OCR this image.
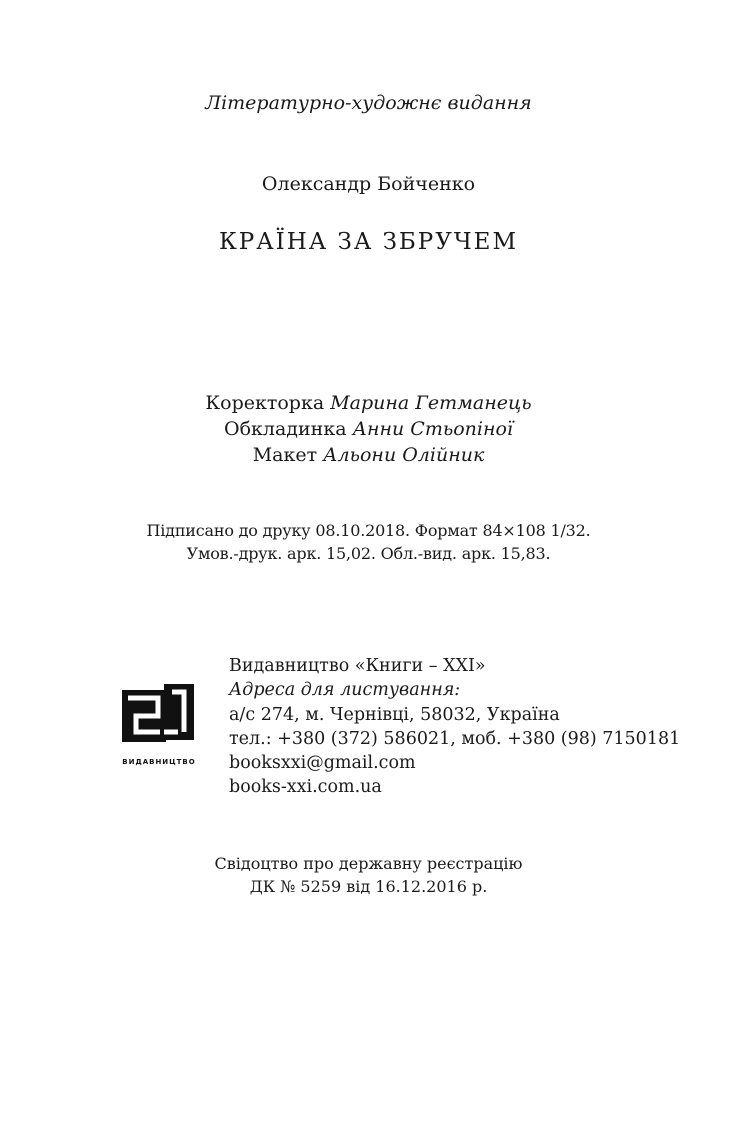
Літературно-художнє видання
Олександр Бойченко
КРАЇНА ЗА ЗБРУЧЕМ
Коректорка Марина Гетманець
Обкладинка Анни Стьопіної
Макет Альони Олійник
Підписано до друку 08.10.2018. Формат 84×108 1/32.
Умов.-друк. арк. 15,02. Обл.-вид. арк. 15,83.
ВИДАВНИЦТВО
Видавництво «Книги – XXI»
Адреса для листування:
а/с 274, м. Чернівці, 58032, Україна
тел.: +380 (372) 586021, моб. +380 (98) 7150181
booksxxi@gmail.com
books-xxi.com.ua
Свідоцтво про державну реєстрацію
ДК № 5259 від 16.12.2016 р.
